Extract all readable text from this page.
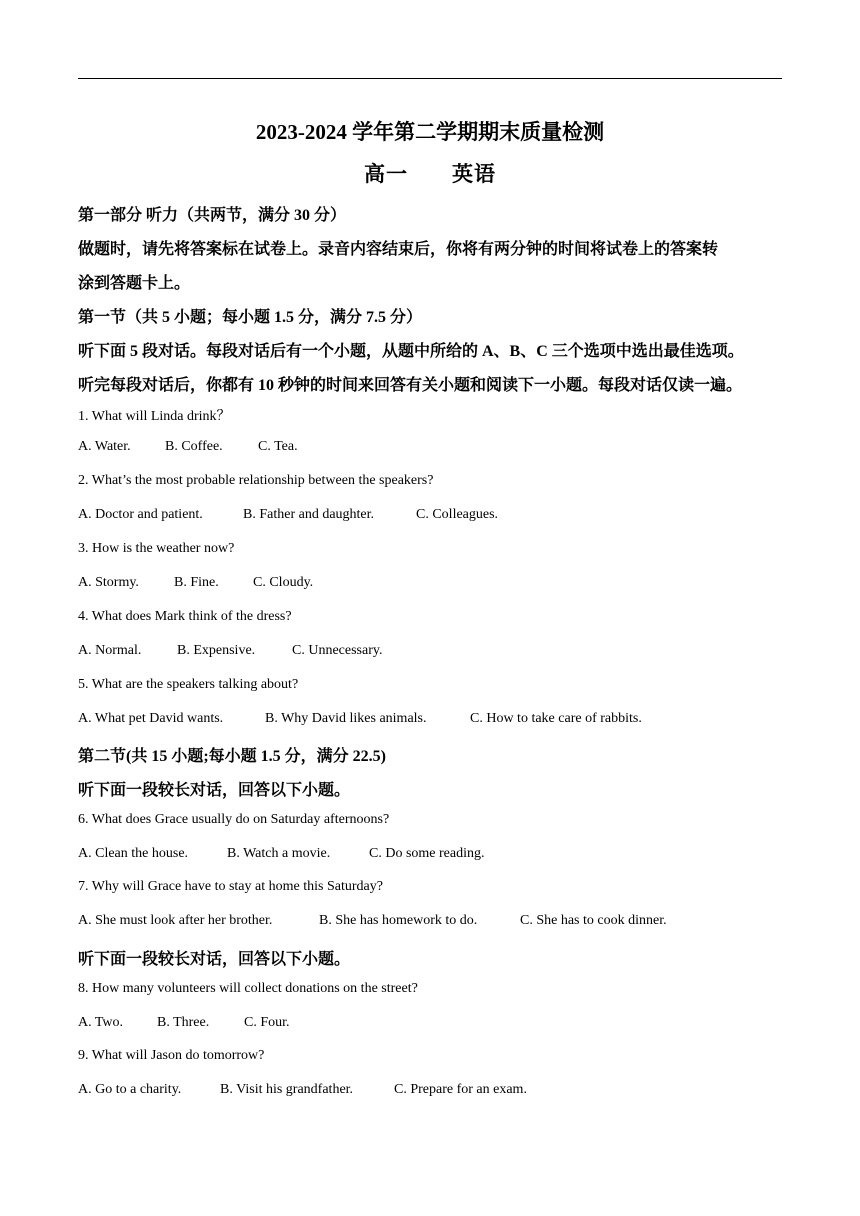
2023-2024 学年第二学期期末质量检测
高一　　英语
第一部分 听力（共两节，满分 30 分）
做题时，请先将答案标在试卷上。录音内容结束后，你将有两分钟的时间将试卷上的答案转
涂到答题卡上。
第一节（共 5 小题；每小题 1.5 分，满分 7.5 分）
听下面 5 段对话。每段对话后有一个小题，从题中所给的 A、B、C 三个选项中选出最佳选项。
听完每段对话后，你都有 10 秒钟的时间来回答有关小题和阅读下一小题。每段对话仅读一遍。
1. What will Linda drink？
A. Water. B. Coffee.	C. Tea.
2. What’s the most probable relationship between the speakers?
A. Doctor and patient.	B. Father and daughter.	C. Colleagues.
3. How is the weather now?
A. Stormy.	B. Fine. C. Cloudy.
4. What does Mark think of the dress?
A. Normal.	B. Expensive.	C. Unnecessary.
5. What are the speakers talking about?
A. What pet David wants.	B. Why David likes animals.	C. How to take care of rabbits.
第二节(共 15 小题;每小题 1.5 分，满分 22.5)
听下面一段较长对话，回答以下小题。
6. What does Grace usually do on Saturday afternoons?
A. Clean the house.	B. Watch a movie.	C. Do some reading.
7. Why will Grace have to stay at home this Saturday?
A. She must look after her brother.	B. She has homework to do.	C. She has to cook dinner.
听下面一段较长对话，回答以下小题。
8. How many volunteers will collect donations on the street?
A. Two. B. Three. C. Four.
9. What will Jason do tomorrow?
A. Go to a charity.	B. Visit his grandfather.	C. Prepare for an exam.
